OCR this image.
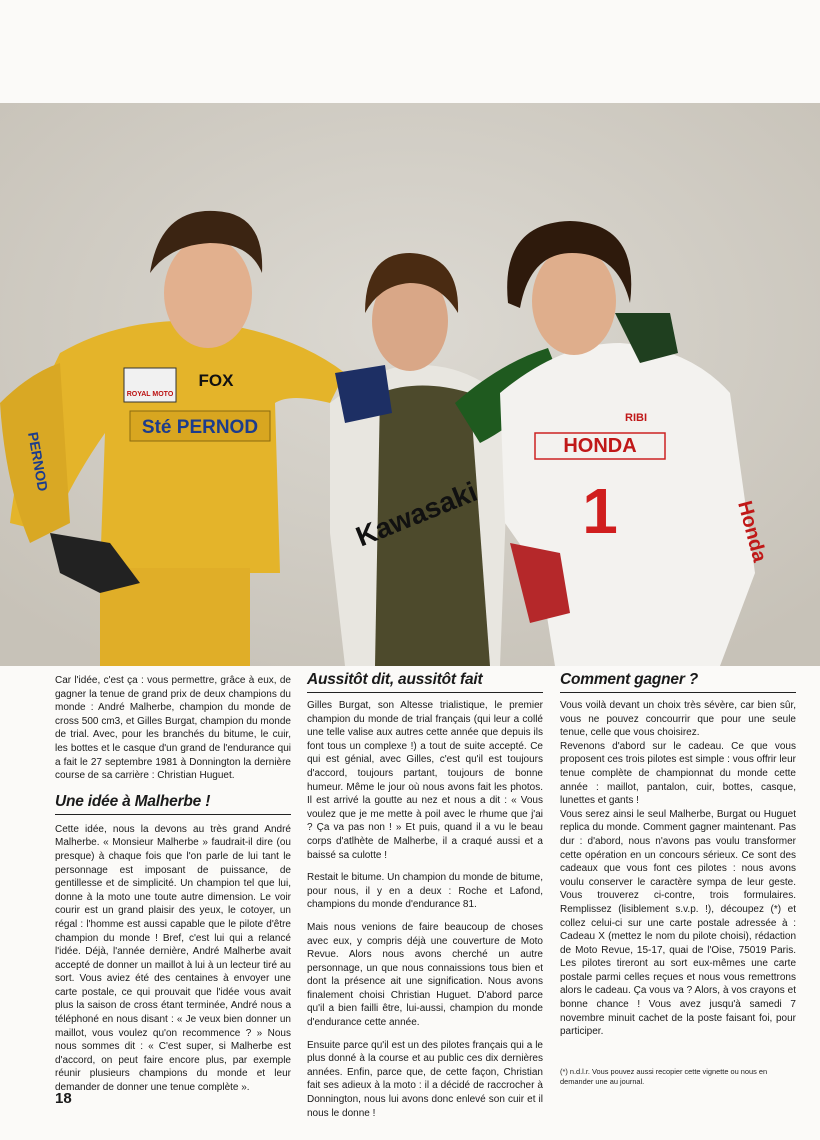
Sté PERNOD
FOX
ROYAL MOTO
PERNOD
Kawasaki
HONDA
1	Honda
RIBI

Car l'idée, c'est ça : vous permettre, grâce à eux, de gagner la tenue de grand prix de deux champions du monde : André Malherbe, champion du monde de cross 500 cm3, et Gilles Burgat, champion du monde de trial. Avec, pour les branchés du bitume, le cuir, les bottes et le casque d'un grand de l'endurance qui a fait le 27 septembre 1981 à Donnington la dernière course de sa carrière : Christian Huguet.

Une idée à Malherbe !

Cette idée, nous la devons au très grand André Malherbe. « Monsieur Malherbe » faudrait-il dire (ou presque) à chaque fois que l'on parle de lui tant le personnage est imposant de puissance, de gentillesse et de simplicité. Un champion tel que lui, donne à la moto une toute autre dimension. Le voir courir est un grand plaisir des yeux, le cotoyer, un régal : l'homme est aussi capable que le pilote d'être champion du monde ! Bref, c'est lui qui a relancé l'idée. Déjà, l'année dernière, André Malherbe avait accepté de donner un maillot à lui à un lecteur tiré au sort. Vous aviez été des centaines à envoyer une carte postale, ce qui prouvait que l'idée vous avait plus la saison de cross étant terminée, André nous a téléphoné en nous disant : « Je veux bien donner un maillot, vous voulez qu'on recommence ? » Nous nous sommes dit : « C'est super, si Malherbe est d'accord, on peut faire encore plus, par exemple réunir plusieurs champions du monde et leur demander de donner une tenue complète ».

Aussitôt dit, aussitôt fait

Gilles Burgat, son Altesse trialistique, le premier champion du monde de trial français (qui leur a collé une telle valise aux autres cette année que depuis ils font tous un complexe !) a tout de suite accepté. Ce qui est génial, avec Gilles, c'est qu'il est toujours d'accord, toujours partant, toujours de bonne humeur. Même le jour où nous avons fait les photos. Il est arrivé la goutte au nez et nous a dit : « Vous voulez que je me mette à poil avec le rhume que j'ai ? Ça va pas non ! » Et puis, quand il a vu le beau corps d'atlhète de Malherbe, il a craqué aussi et a baissé sa culotte !

Restait le bitume. Un champion du monde de bitume, pour nous, il y en a deux : Roche et Lafond, champions du monde d'endurance 81.

Mais nous venions de faire beaucoup de choses avec eux, y compris déjà une couverture de Moto Revue. Alors nous avons cherché un autre personnage, un que nous connaissions tous bien et dont la présence ait une signification. Nous avons finalement choisi Christian Huguet. D'abord parce qu'il a bien failli être, lui-aussi, champion du monde d'endurance cette année.

Ensuite parce qu'il est un des pilotes français qui a le plus donné à la course et au public ces dix dernières années. Enfin, parce que, de cette façon, Christian fait ses adieux à la moto : il a décidé de raccrocher à Donnington, nous lui avons donc enlevé son cuir et il nous le donne !

Comment gagner ?

Vous voilà devant un choix très sévère, car bien sûr, vous ne pouvez concourrir que pour une seule tenue, celle que vous choisirez.

Revenons d'abord sur le cadeau. Ce que vous proposent ces trois pilotes est simple : vous offrir leur tenue complète de championnat du monde cette année : maillot, pantalon, cuir, bottes, casque, lunettes et gants !

Vous serez ainsi le seul Malherbe, Burgat ou Huguet replica du monde. Comment gagner maintenant. Pas dur : d'abord, nous n'avons pas voulu transformer cette opération en un concours sérieux. Ce sont des cadeaux que vous font ces pilotes : nous avons voulu conserver le caractère sympa de leur geste. Vous trouverez ci-contre, trois formulaires. Remplissez (lisiblement s.v.p. !), découpez (*) et collez celui-ci sur une carte postale adressée à : Cadeau X (mettez le nom du pilote choisi), rédaction de Moto Revue, 15-17, quai de l'Oise, 75019 Paris. Les pilotes tireront au sort eux-mêmes une carte postale parmi celles reçues et nous vous remettrons alors le cadeau. Ça vous va ? Alors, à vos crayons et bonne chance ! Vous avez jusqu'à samedi 7 novembre minuit cachet de la poste faisant foi, pour participer.

(*) n.d.l.r. Vous pouvez aussi recopier cette vignette ou nous en demander une au journal.
18
